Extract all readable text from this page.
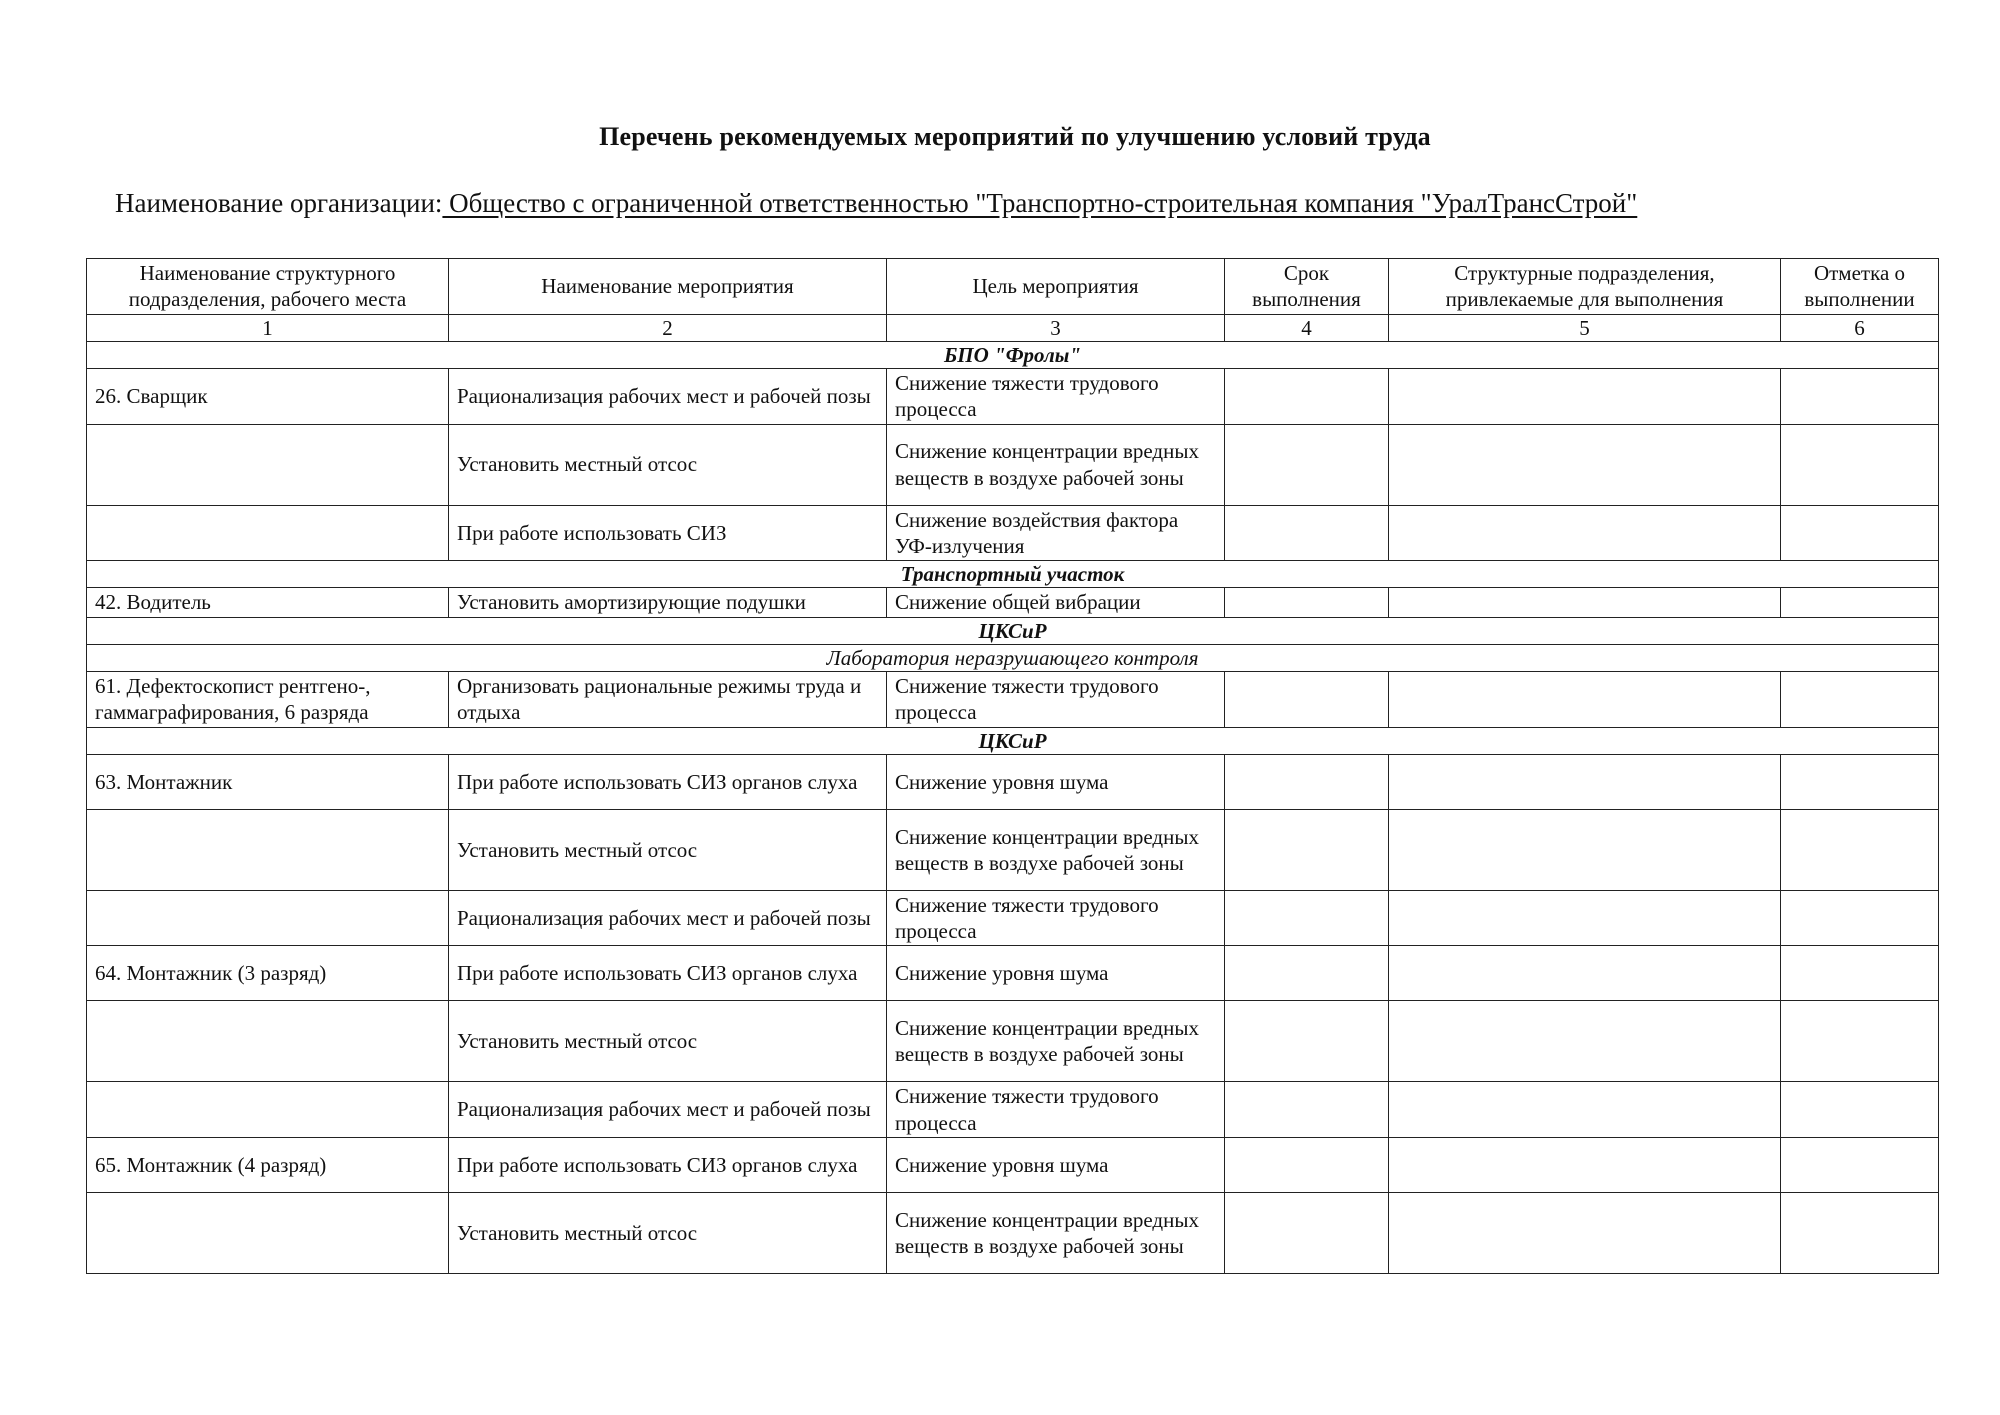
Перечень рекомендуемых мероприятий по улучшению условий труда
Наименование организации: Общество с ограниченной ответственностью "Транспортно-строительная компания "УралТрансСтрой"
Наименование структурного подразделения, рабочего места	Наименование мероприятия	Цель мероприятия	Срок выполнения	Структурные подразделения, привлекаемые для выполнения	Отметка о выполнении
1	2	3	4	5	6
БПО "Фролы"					
26. Сварщик	Рационализация рабочих мест и рабочей позы	Снижение тяжести трудового процесса			
	Установить местный отсос	Снижение концентрации вредных веществ в воздухе рабочей зоны			
	При работе использовать СИЗ	Снижение воздействия фактора УФ-излучения			
Транспортный участок					
42. Водитель	Установить амортизирующие подушки	Снижение общей вибрации			
ЦКСиР					
Лаборатория неразрушающего контроля					
61. Дефектоскопист рентгено-, гаммаграфирования, 6 разряда	Организовать рациональные режимы труда и отдыха	Снижение тяжести трудового процесса			
ЦКСиР					
63. Монтажник	При работе использовать СИЗ органов слуха	Снижение уровня шума			
	Установить местный отсос	Снижение концентрации вредных веществ в воздухе рабочей зоны			
	Рационализация рабочих мест и рабочей позы	Снижение тяжести трудового процесса			
64. Монтажник (3 разряд)	При работе использовать СИЗ органов слуха	Снижение уровня шума			
	Установить местный отсос	Снижение концентрации вредных веществ в воздухе рабочей зоны			
	Рационализация рабочих мест и рабочей позы	Снижение тяжести трудового процесса			
65. Монтажник (4 разряд)	При работе использовать СИЗ органов слуха	Снижение уровня шума			
	Установить местный отсос	Снижение концентрации вредных веществ в воздухе рабочей зоны			
